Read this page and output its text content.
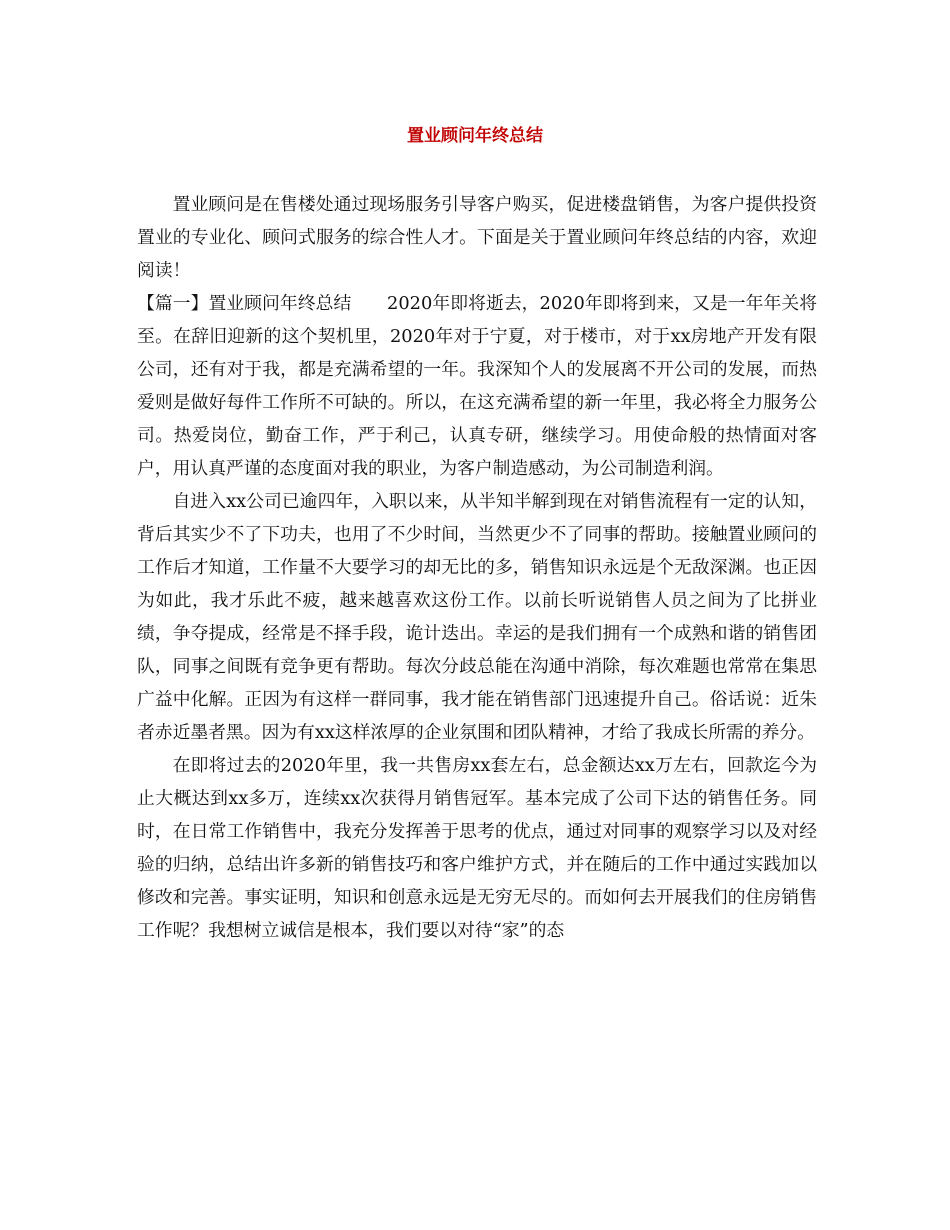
置业顾问年终总结

置业顾问是在售楼处通过现场服务引导客户购买，促进楼盘销售，为客户提供投资置业的专业化、顾问式服务的综合性人才。下面是关于置业顾问年终总结的内容，欢迎阅读！

【篇一】置业顾问年终总结　　2020年即将逝去，2020年即将到来，又是一年年关将至。在辞旧迎新的这个契机里，2020年对于宁夏，对于楼市，对于xx房地产开发有限公司，还有对于我，都是充满希望的一年。我深知个人的发展离不开公司的发展，而热爱则是做好每件工作所不可缺的。所以，在这充满希望的新一年里，我必将全力服务公司。热爱岗位，勤奋工作，严于利己，认真专研，继续学习。用使命般的热情面对客户，用认真严谨的态度面对我的职业，为客户制造感动，为公司制造利润。

自进入xx公司已逾四年，入职以来，从半知半解到现在对销售流程有一定的认知，背后其实少不了下功夫，也用了不少时间，当然更少不了同事的帮助。接触置业顾问的工作后才知道，工作量不大要学习的却无比的多，销售知识永远是个无敌深渊。也正因为如此，我才乐此不疲，越来越喜欢这份工作。以前长听说销售人员之间为了比拼业绩，争夺提成，经常是不择手段，诡计迭出。幸运的是我们拥有一个成熟和谐的销售团队，同事之间既有竞争更有帮助。每次分歧总能在沟通中消除，每次难题也常常在集思广益中化解。正因为有这样一群同事，我才能在销售部门迅速提升自己。俗话说：近朱者赤近墨者黑。因为有xx这样浓厚的企业氛围和团队精神，才给了我成长所需的养分。

在即将过去的2020年里，我一共售房xx套左右，总金额达xx万左右，回款迄今为止大概达到xx多万，连续xx次获得月销售冠军。基本完成了公司下达的销售任务。同时，在日常工作销售中，我充分发挥善于思考的优点，通过对同事的观察学习以及对经验的归纳，总结出许多新的销售技巧和客户维护方式，并在随后的工作中通过实践加以修改和完善。事实证明，知识和创意永远是无穷无尽的。而如何去开展我们的住房销售工作呢？我想树立诚信是根本，我们要以对待“家”的态
